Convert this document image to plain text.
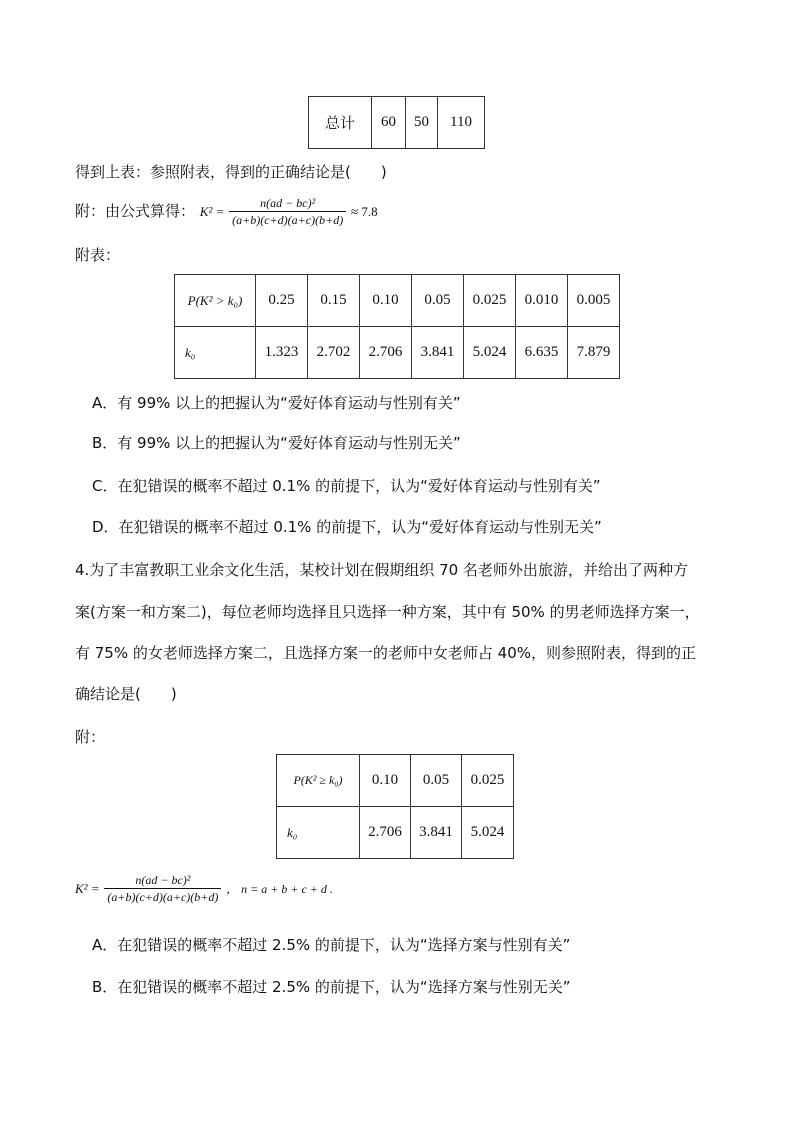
总计	60	50	110
得到上表：参照附表，得到的正确结论是(　　)
附：由公式算得： $K^2 = \frac{\text{n(ad − bc)²}}{(a+b)(c+d)(a+c)(b+d)} \approx 7.8$
附表：
P(K² > k₀)	0.25	0.15	0.10	0.05	0.025	0.010	0.005
k₀	1.323	2.702	2.706	3.841	5.024	6.635	7.879
A．有 99% 以上的把握认为“爱好体育运动与性别有关”
B．有 99% 以上的把握认为“爱好体育运动与性别无关”
C．在犯错误的概率不超过 0.1% 的前提下，认为“爱好体育运动与性别有关”
D．在犯错误的概率不超过 0.1% 的前提下，认为“爱好体育运动与性别无关”
4.为了丰富教职工业余文化生活，某校计划在假期组织 70 名老师外出旅游，并给出了两种方
案(方案一和方案二)，每位老师均选择且只选择一种方案，其中有 50% 的男老师选择方案一，
有 75% 的女老师选择方案二，且选择方案一的老师中女老师占 40%，则参照附表，得到的正
确结论是(　　)
附：
P(K² ≥ k₀)	0.10	0.05	0.025
k₀	2.706	3.841	5.024
$K^2 = \frac{\text{n(ad − bc)²}}{(a+b)(c+d)(a+c)(b+d)}$ ， n = a + b + c + d .
A．在犯错误的概率不超过 2.5% 的前提下，认为“选择方案与性别有关”
B．在犯错误的概率不超过 2.5% 的前提下，认为“选择方案与性别无关”
